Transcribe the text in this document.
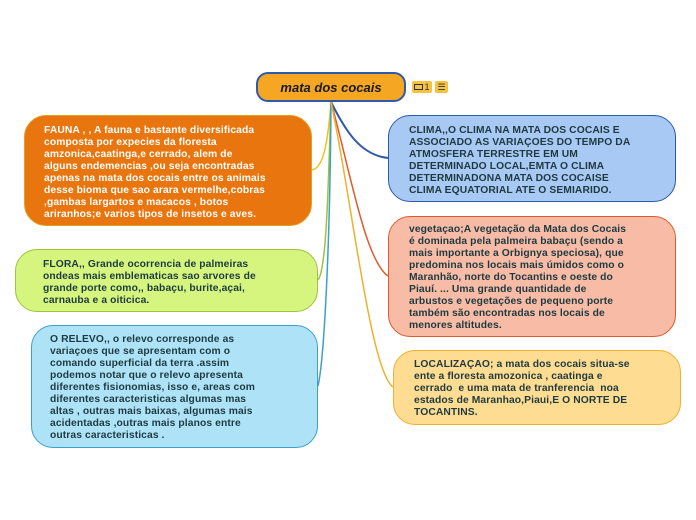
mata dos cocais	1 ☰
FAUNA , , A fauna e bastante diversificada
composta por expecies da floresta
amzonica,caatinga,e cerrado, alem de
alguns endemencias ,ou seja encontradas
apenas na mata dos cocais entre os animais
desse bioma que sao arara vermelhe,cobras
,gambas largartos e macacos , botos
ariranhos;e varios tipos de insetos e aves.
FLORA,, Grande ocorrencia de palmeiras
ondeas mais emblematicas sao arvores de
grande porte como,, babaçu, burite,açai,
carnauba e a oiticica.
O RELEVO,, o relevo corresponde as
variaçoes que se apresentam com o
comando superficial da terra .assim
podemos notar que o relevo apresenta
diferentes fisionomias, isso e, areas com
diferentes caracteristicas algumas mas
altas , outras mais baixas, algumas mais
acidentadas ,outras mais planos entre
outras caracteristicas .
CLIMA,,O CLIMA NA MATA DOS COCAIS E
ASSOCIADO AS VARIAÇOES DO TEMPO DA
ATMOSFERA TERRESTRE EM UM
DETERMINADO LOCAL,EMTA O CLIMA
DETERMINADONA MATA DOS COCAISE
CLIMA EQUATORIAL ATE O SEMIARIDO.
vegetaçao;A vegetação da Mata dos Cocais
é dominada pela palmeira babaçu (sendo a
mais importante a Orbignya speciosa), que
predomina nos locais mais úmidos como o
Maranhão, norte do Tocantins e oeste do
Piauí. ... Uma grande quantidade de
arbustos e vegetações de pequeno porte
também são encontradas nos locais de
menores altitudes.
LOCALIZAÇAO; a mata dos cocais situa-se
ente a floresta amozonica , caatinga e
cerrado  e uma mata de tranferencia  noa
estados de Maranhao,Piaui,E O NORTE DE
TOCANTINS.
